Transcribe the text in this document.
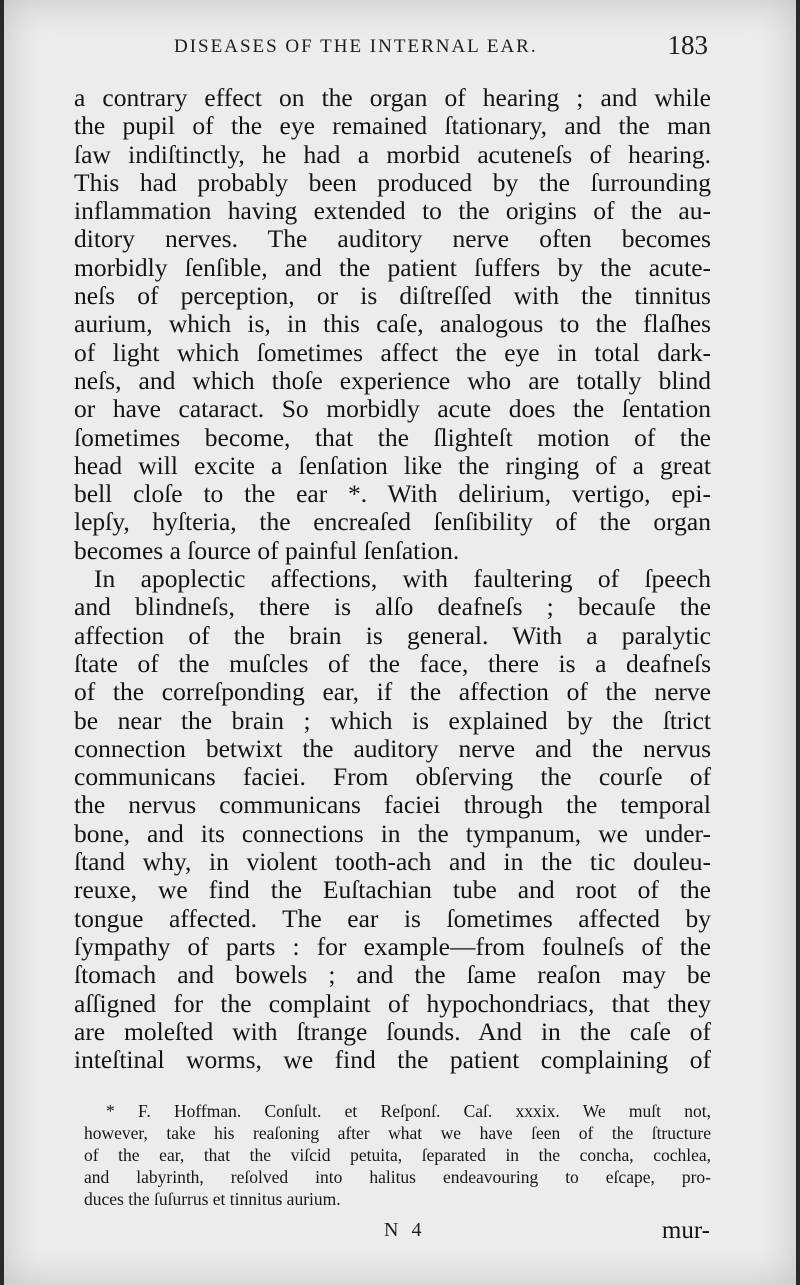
DISEASES OF THE INTERNAL EAR.	183

a contrary effect on the organ of hearing ; and while

the pupil of the eye remained ſtationary, and the man

ſaw indiſtinctly, he had a morbid acuteneſs of hearing.

This had probably been produced by the ſurrounding

inflammation having extended to the origins of the au-

ditory nerves. The auditory nerve often becomes

morbidly ſenſible, and the patient ſuffers by the acute-

neſs of perception, or is diſtreſſed with the tinnitus

aurium, which is, in this caſe, analogous to the flaſhes

of light which ſometimes affect the eye in total dark-

neſs, and which thoſe experience who are totally blind

or have cataract. So morbidly acute does the ſentation

ſometimes become, that the ſlighteſt motion of the

head will excite a ſenſation like the ringing of a great

bell cloſe to the ear *. With delirium, vertigo, epi-

lepſy, hyſteria, the encreaſed ſenſibility of the organ

becomes a ſource of painful ſenſation.

In apoplectic affections, with faultering of ſpeech

and blindneſs, there is alſo deafneſs ; becauſe the

affection of the brain is general. With a paralytic

ſtate of the muſcles of the face, there is a deafneſs

of the correſponding ear, if the affection of the nerve

be near the brain ; which is explained by the ſtrict

connection betwixt the auditory nerve and the nervus

communicans faciei. From obſerving the courſe of

the nervus communicans faciei through the temporal

bone, and its connections in the tympanum, we under-

ſtand why, in violent tooth-ach and in the tic douleu-

reuxe, we find the Euſtachian tube and root of the

tongue affected. The ear is ſometimes affected by

ſympathy of parts : for example—from foulneſs of the

ſtomach and bowels ; and the ſame reaſon may be

aſſigned for the complaint of hypochondriacs, that they

are moleſted with ſtrange ſounds. And in the caſe of

inteſtinal worms, we find the patient complaining of

* F. Hoffman. Conſult. et Reſponſ. Caſ. xxxix. We muſt not,

however, take his reaſoning after what we have ſeen of the ſtructure

of the ear, that the viſcid petuita, ſeparated in the concha, cochlea,

and labyrinth, reſolved into halitus endeavouring to eſcape, pro-

duces the ſuſurrus et tinnitus aurium.

N 4	mur-
